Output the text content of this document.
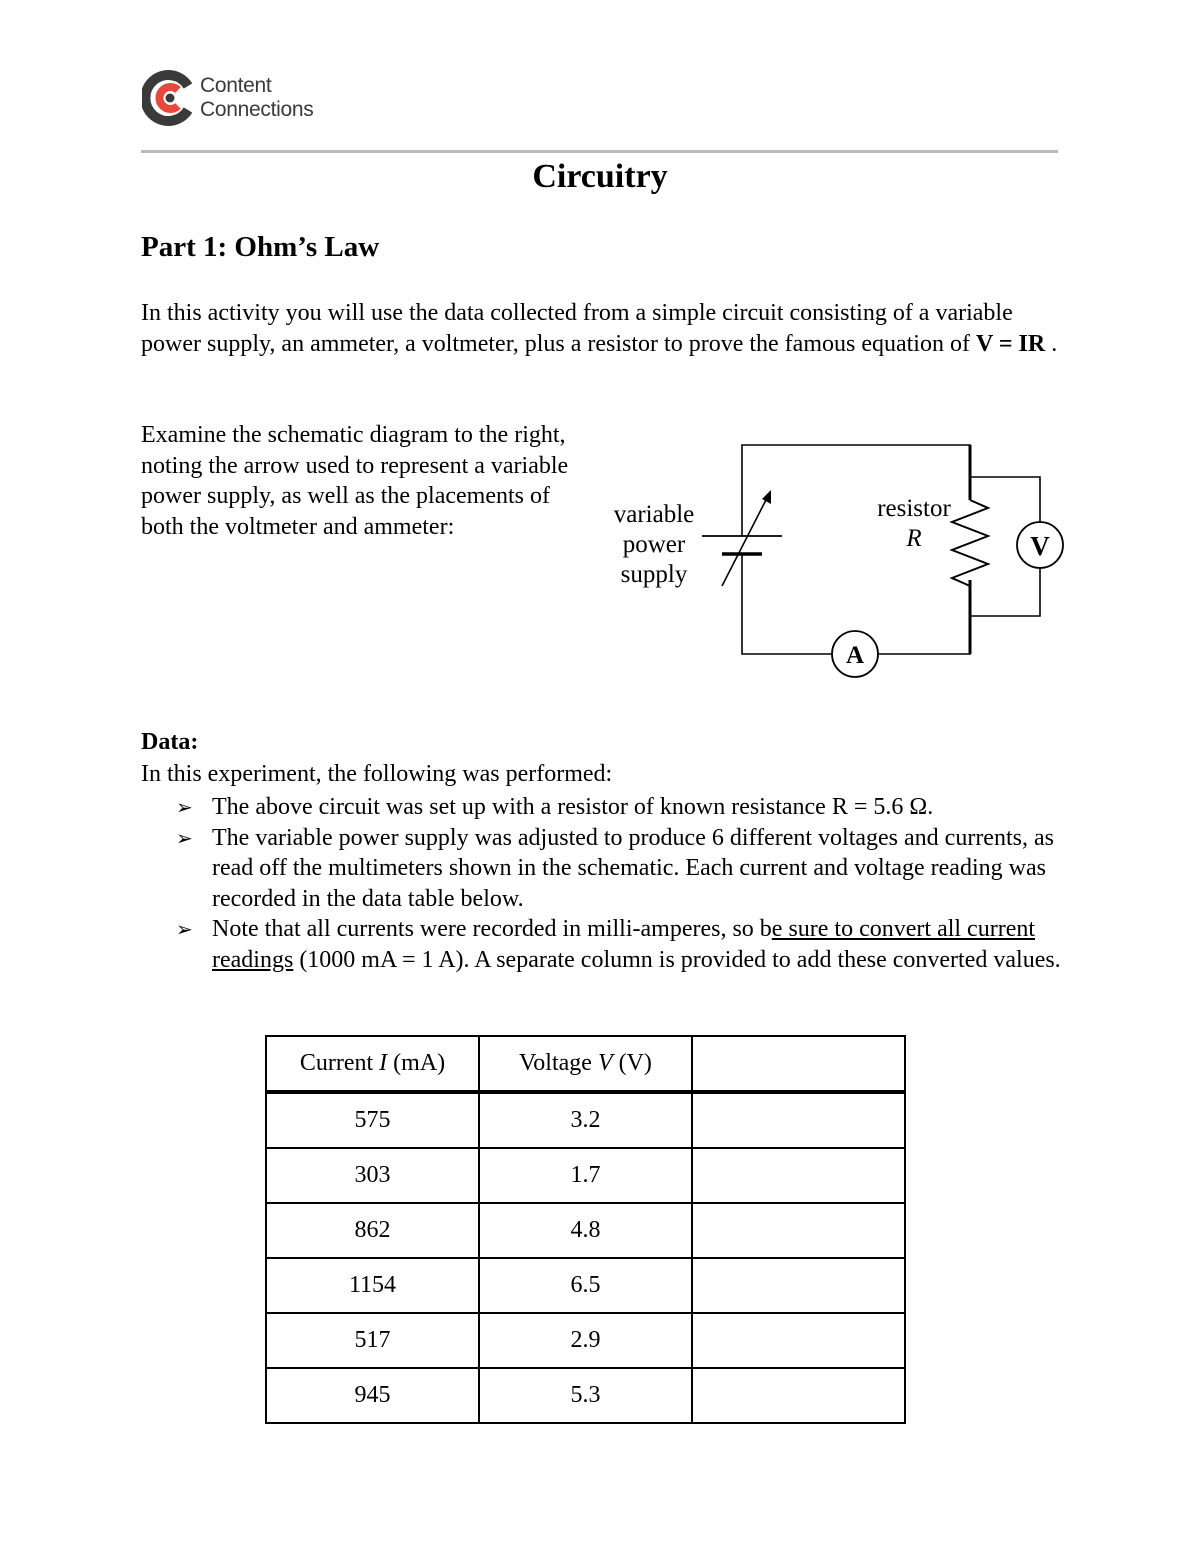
Content
Connections
Circuitry
Part 1: Ohm’s Law
In this activity you will use the data collected from a simple circuit consisting of a variable power supply, an ammeter, a voltmeter, plus a resistor to prove the famous equation of V = IR .
Examine the schematic diagram to the right, noting the arrow used to represent a variable power supply, as well as the placements of both the voltmeter and ammeter:
V
A
variable
power
supply
resistor
R
Data:
In this experiment, the following was performed:
➢ The above circuit was set up with a resistor of known resistance R = 5.6 Ω.
➢ The variable power supply was adjusted to produce 6 different voltages and currents, as read off the multimeters shown in the schematic. Each current and voltage reading was recorded in the data table below.
➢ Note that all currents were recorded in milli-amperes, so be sure to convert all current readings (1000 mA = 1 A). A separate column is provided to add these converted values.
Current I (mA)	Voltage V (V)	
575	3.2	
303	1.7	
862	4.8	
1154	6.5	
517	2.9	
945	5.3	
